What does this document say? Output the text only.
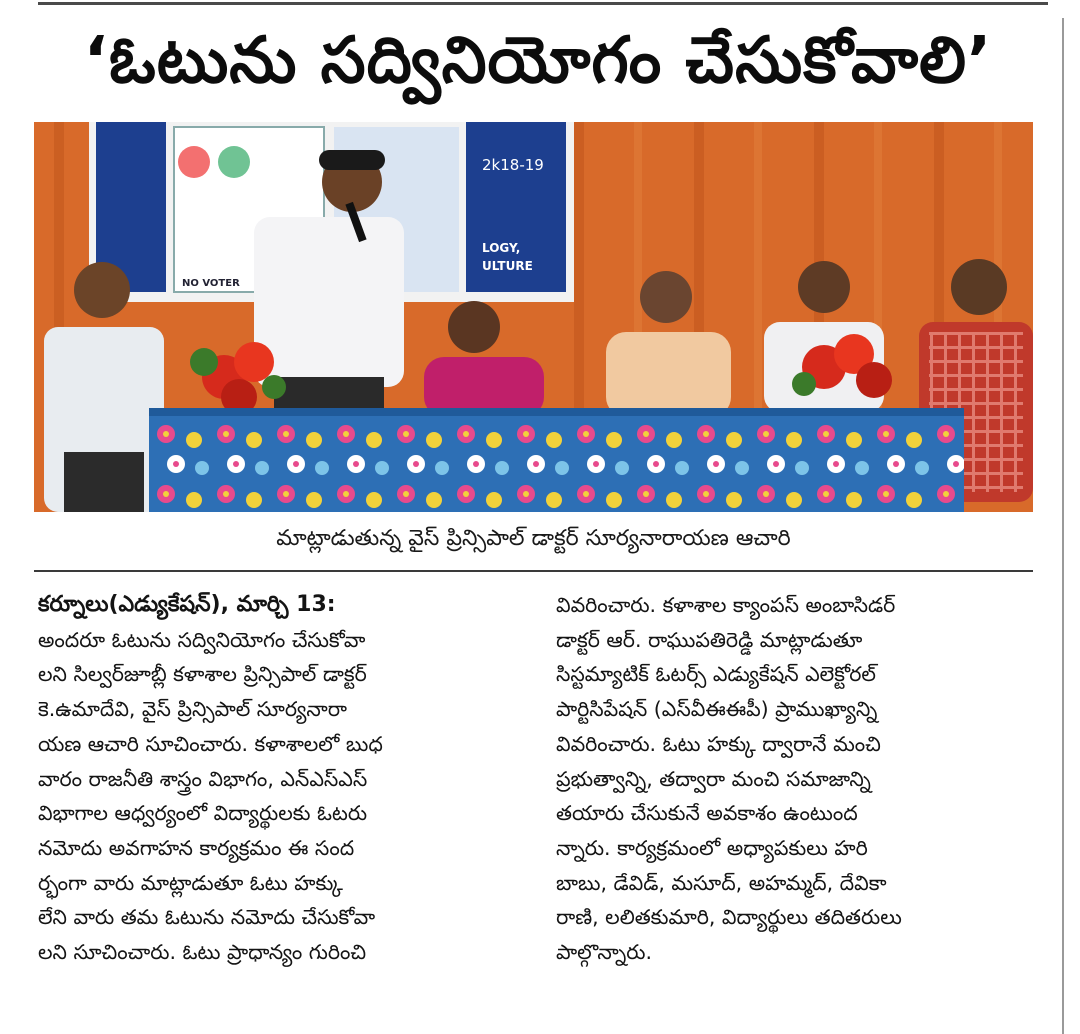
‘ఓటును సద్వినియోగం చేసుకోవాలి’
2k18-19
LOGY,
ULTURE
NO VOTER
మాట్లాడుతున్న వైస్ ప్రిన్సిపాల్ డాక్టర్ సూర్యనారాయణ ఆచారి
కర్నూలు(ఎడ్యుకేషన్), మార్చి 13:
అందరూ ఓటును సద్వినియోగం చేసుకోవా
లని సిల్వర్‌జూబ్లీ కళాశాల ప్రిన్సిపాల్ డాక్టర్
కె.ఉమాదేవి, వైస్ ప్రిన్సిపాల్ సూర్యనారా
యణ ఆచారి సూచించారు. కళాశాలలో బుధ
వారం రాజనీతి శాస్త్రం విభాగం, ఎన్ఎస్ఎస్
విభాగాల ఆధ్వర్యంలో విద్యార్థులకు ఓటరు
నమోదు అవగాహన కార్యక్రమం ఈ సంద
ర్భంగా వారు మాట్లాడుతూ ఓటు హక్కు
లేని వారు తమ ఓటును నమోదు చేసుకోవా
లని సూచించారు. ఓటు ప్రాధాన్యం గురించి
వివరించారు. కళాశాల క్యాంపస్ అంబాసిడర్
డాక్టర్ ఆర్. రాఘుపతిరెడ్డి మాట్లాడుతూ
సిస్టమ్యాటిక్ ఓటర్స్ ఎడ్యుకేషన్ ఎలెక్టోరల్
పార్టిసిపేషన్ (ఎస్‌వీఈఈపీ) ప్రాముఖ్యాన్ని
వివరించారు. ఓటు హక్కు ద్వారానే మంచి
ప్రభుత్వాన్ని, తద్వారా మంచి సమాజాన్ని
తయారు చేసుకునే అవకాశం ఉంటుంద
న్నారు. కార్యక్రమంలో అధ్యాపకులు హరి
బాబు, డేవిడ్, మసూద్, అహమ్మద్, దేవికా
రాణి, లలితకుమారి, విద్యార్థులు తదితరులు
పాల్గొన్నారు.
